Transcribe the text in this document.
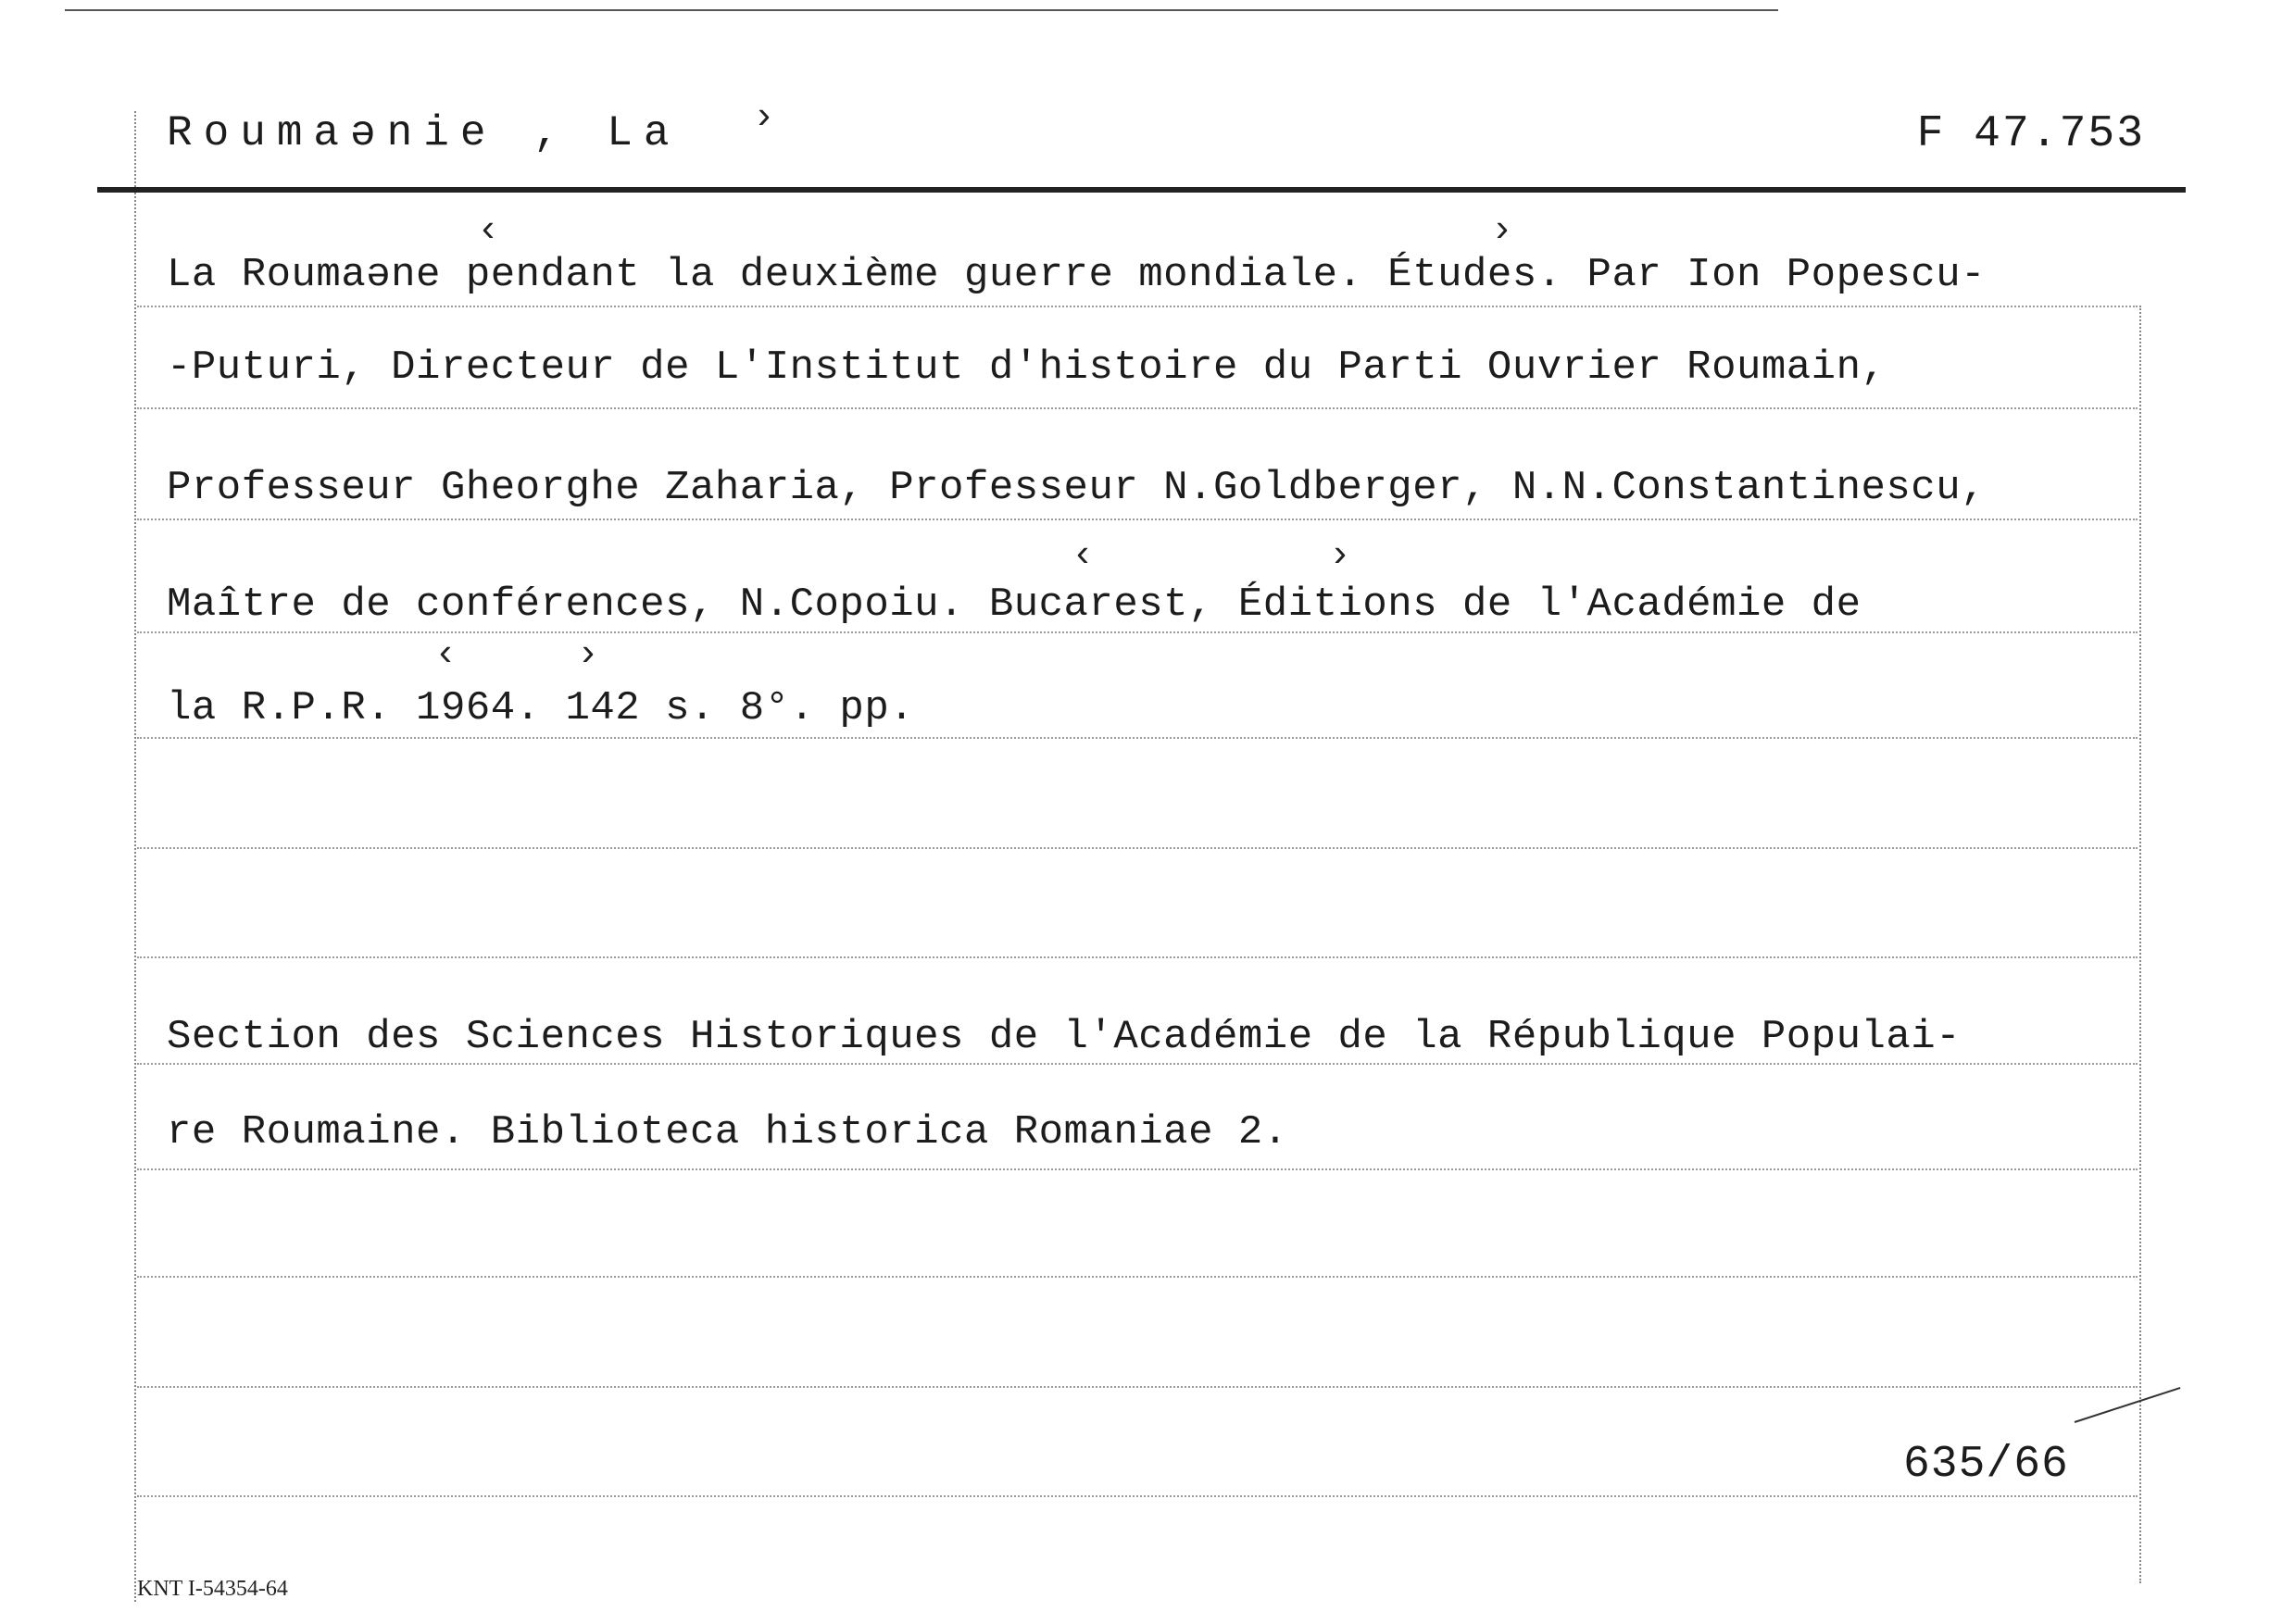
Roumaǝnie , La	F 47.753
‹	›
›
‹	›
‹	›
La Roumaǝne pendant la deuxième guerre mondiale. Études. Par Ion Popescu-
-Puturi, Directeur de L'Institut d'histoire du Parti Ouvrier Roumain,
Professeur Gheorghe Zaharia, Professeur N.Goldberger, N.N.Constantinescu,
Maître de conférences, N.Copoiu. Bucarest, Éditions de l'Académie de
la R.P.R. 1964. 142 s. 8°. pp.
Section des Sciences Historiques de l'Académie de la République Populai-
re Roumaine. Biblioteca historica Romaniae 2.
635/66
KNT I-54354-64
